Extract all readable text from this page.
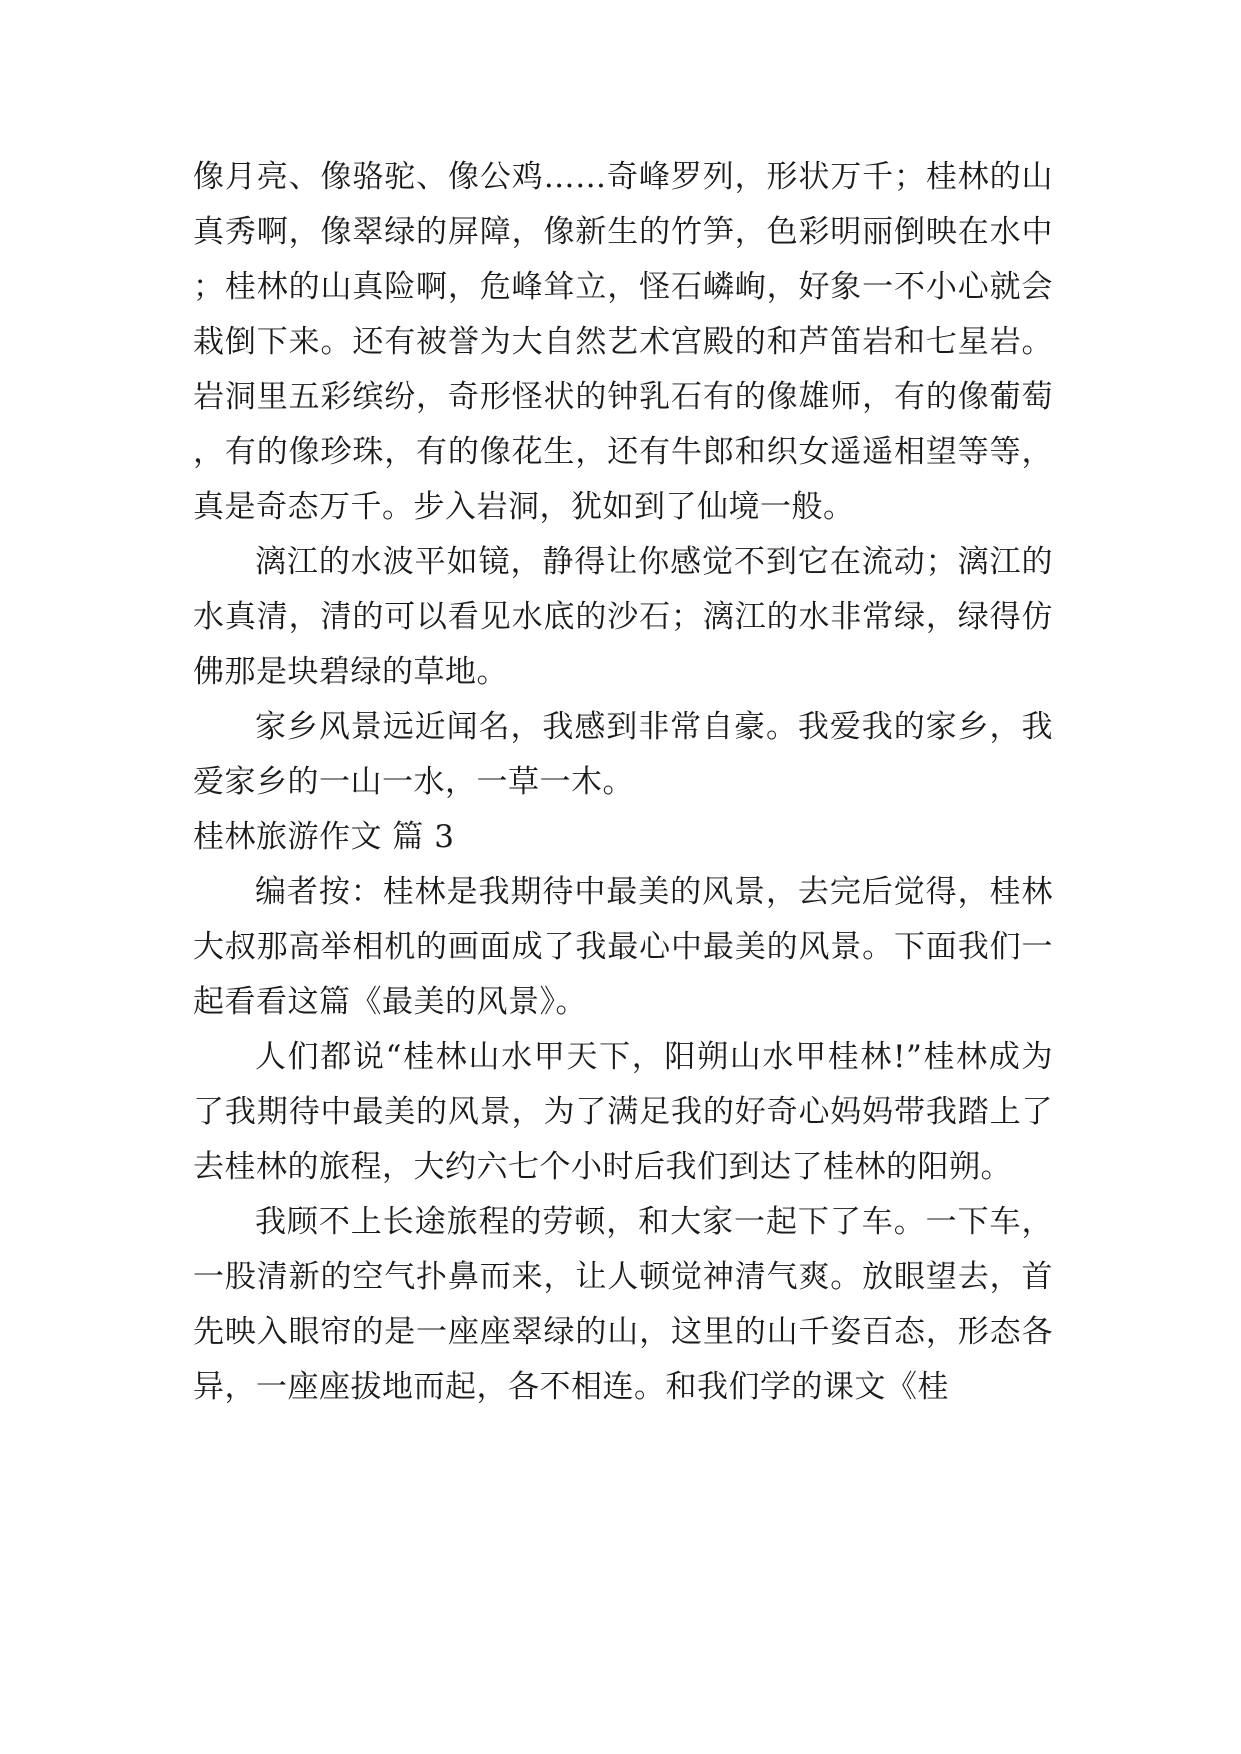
像月亮、像骆驼、像公鸡……奇峰罗列，形状万千；桂林的山真秀啊，像翠绿的屏障，像新生的竹笋，色彩明丽倒映在水中；桂林的山真险啊，危峰耸立，怪石嶙峋，好象一不小心就会栽倒下来。还有被誉为大自然艺术宫殿的和芦笛岩和七星岩。岩洞里五彩缤纷，奇形怪状的钟乳石有的像雄师，有的像葡萄，有的像珍珠，有的像花生，还有牛郎和织女遥遥相望等等，真是奇态万千。步入岩洞，犹如到了仙境一般。

漓江的水波平如镜，静得让你感觉不到它在流动；漓江的水真清，清的可以看见水底的沙石；漓江的水非常绿，绿得仿佛那是块碧绿的草地。

家乡风景远近闻名，我感到非常自豪。我爱我的家乡，我爱家乡的一山一水，一草一木。

桂林旅游作文 篇 3

编者按：桂林是我期待中最美的风景，去完后觉得，桂林大叔那高举相机的画面成了我最心中最美的风景。下面我们一起看看这篇《最美的风景》。

人们都说“桂林山水甲天下，阳朔山水甲桂林!”桂林成为了我期待中最美的风景，为了满足我的好奇心妈妈带我踏上了去桂林的旅程，大约六七个小时后我们到达了桂林的阳朔。

我顾不上长途旅程的劳顿，和大家一起下了车。一下车，一股清新的空气扑鼻而来，让人顿觉神清气爽。放眼望去，首先映入眼帘的是一座座翠绿的山，这里的山千姿百态，形态各异，一座座拔地而起，各不相连。和我们学的课文《桂
